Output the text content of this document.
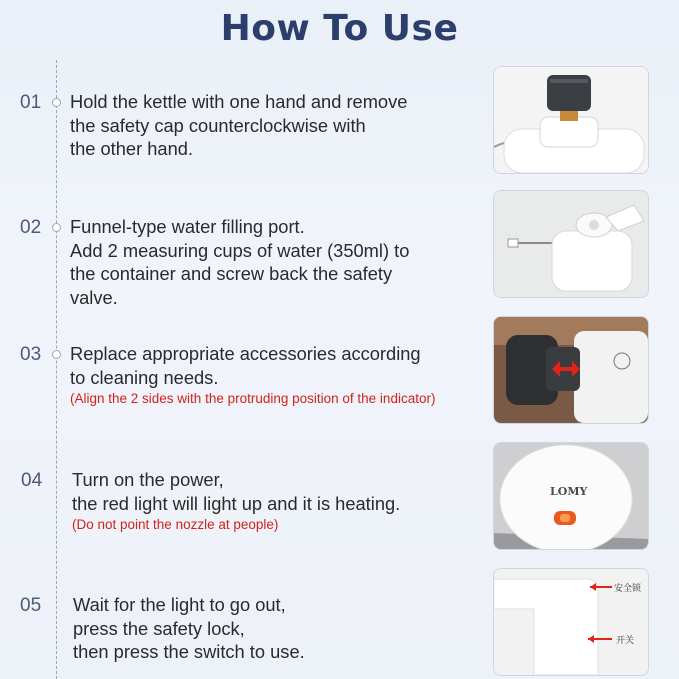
How To Use
01 Hold the kettle with one hand and remove
the safety cap counterclockwise with
the other hand.
02 Funnel-type water filling port.
Add 2 measuring cups of water (350ml) to
the container and screw back the safety
valve.
03 Replace appropriate accessories according
to cleaning needs.
(Align the 2 sides with the protruding position of the indicator)
04 Turn on the power,
the red light will light up and it is heating.
(Do not point the nozzle at people)
LOMY
05 Wait for the light to go out,
press the safety lock,
then press the switch to use.
安全锁
开关
